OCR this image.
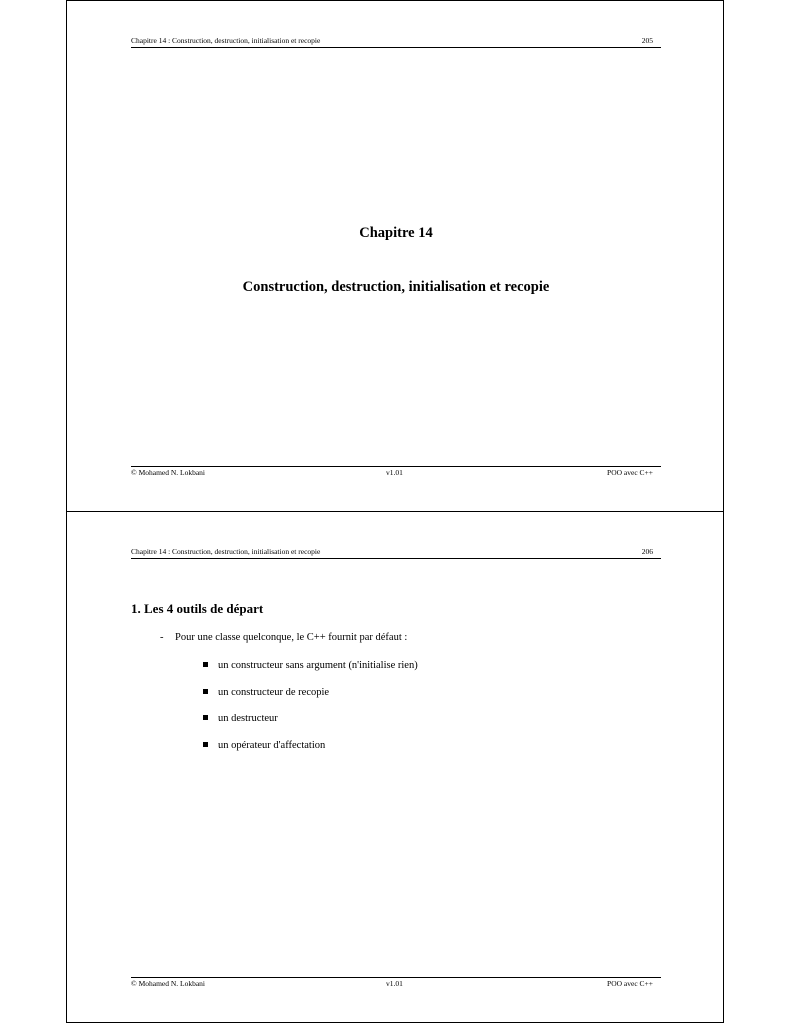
Chapitre 14 : Construction, destruction, initialisation et recopie	205
Chapitre 14
Construction, destruction, initialisation et recopie
© Mohamed N. Lokbani	v1.01	POO avec C++
Chapitre 14 : Construction, destruction, initialisation et recopie	206
1. Les 4 outils de départ
- Pour une classe quelconque, le C++ fournit par défaut :
un constructeur sans argument (n'initialise rien)
un constructeur de recopie
un destructeur
un opérateur d'affectation
© Mohamed N. Lokbani	v1.01	POO avec C++
